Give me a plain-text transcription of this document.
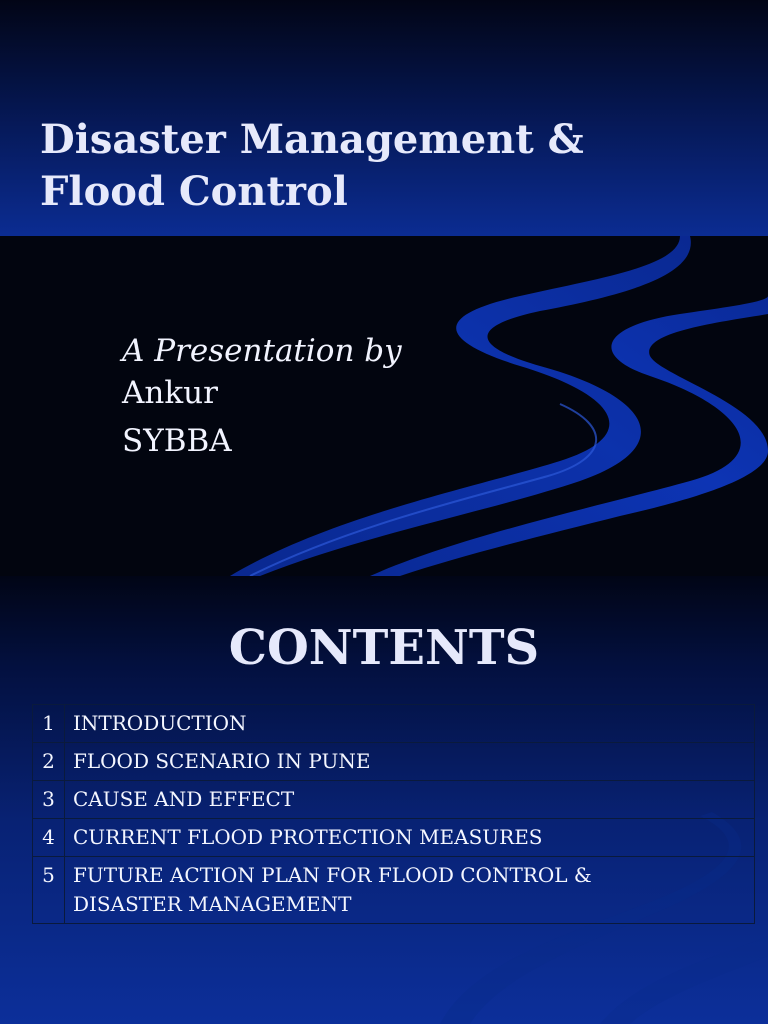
Disaster Management &
Flood Control
A Presentation by
Ankur
SYBBA
CONTENTS
1	INTRODUCTION
2	FLOOD SCENARIO IN PUNE
3	CAUSE AND EFFECT
4	CURRENT FLOOD PROTECTION MEASURES
5	FUTURE ACTION PLAN FOR FLOOD CONTROL &
DISASTER MANAGEMENT
